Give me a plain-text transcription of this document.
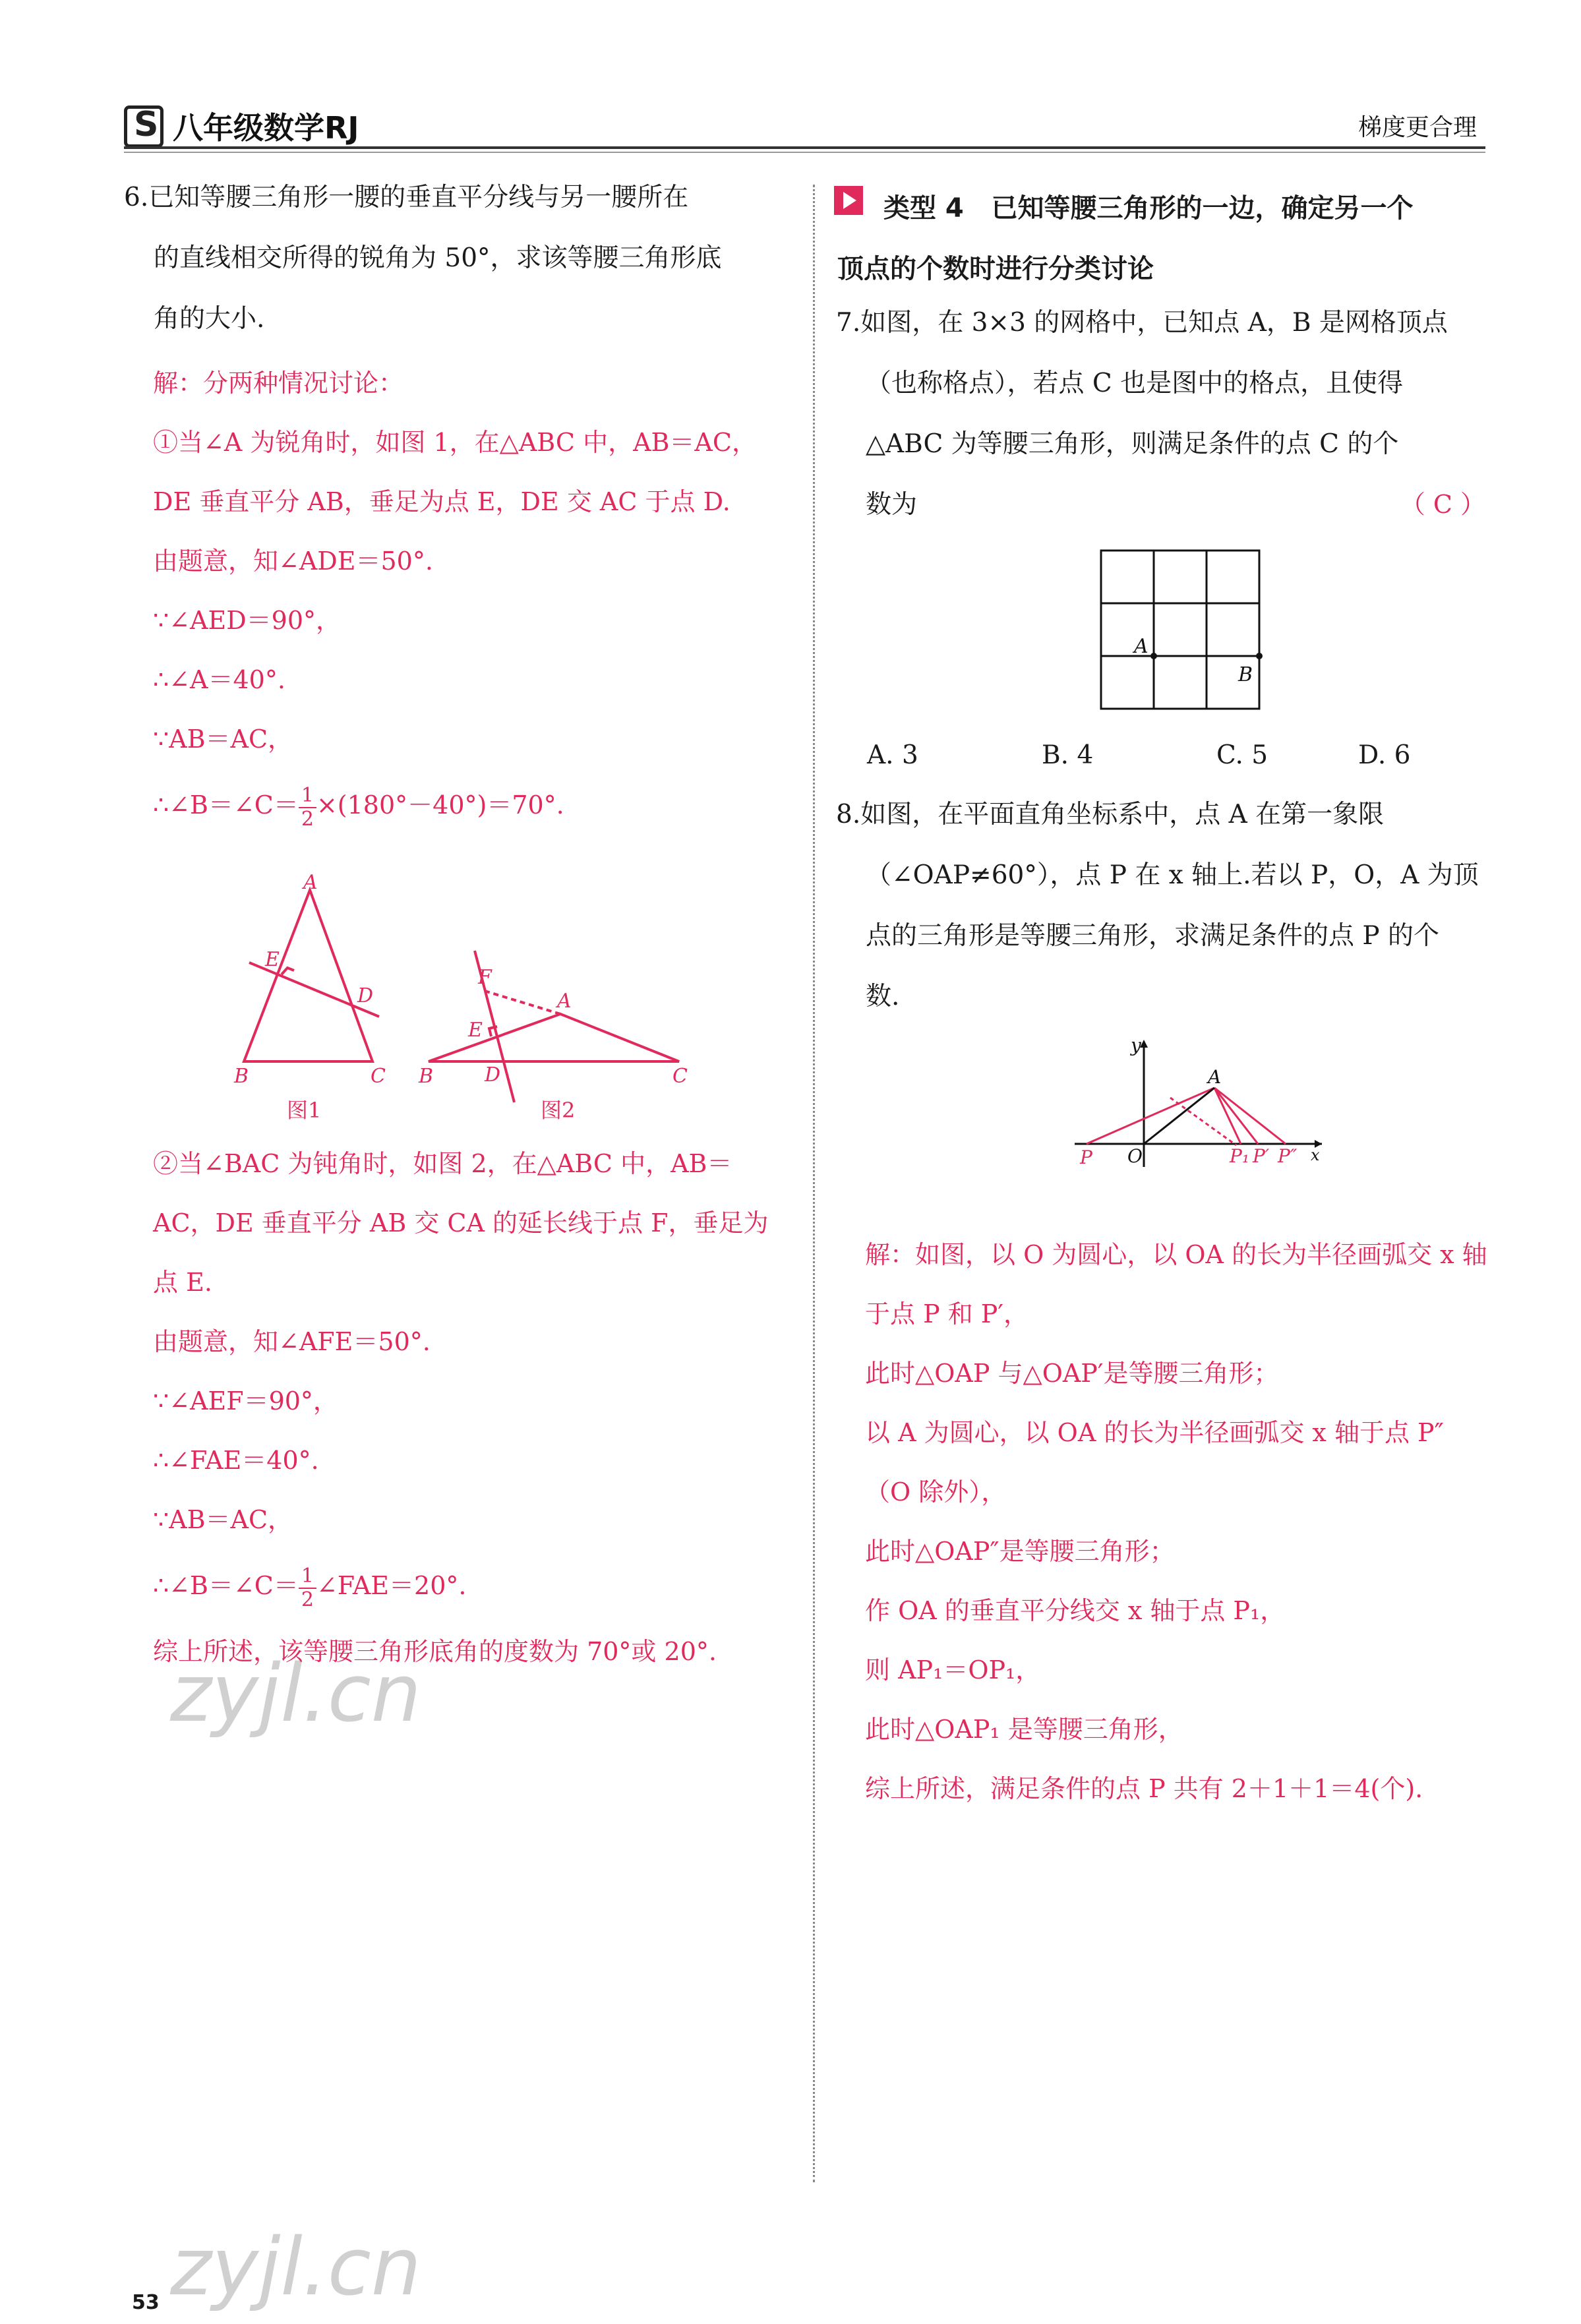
S 八年级数学RJ	梯度更合理
6.已知等腰三角形一腰的垂直平分线与另一腰所在
的直线相交所得的锐角为 50°，求该等腰三角形底
角的大小.
解：分两种情况讨论：
①当∠A 为锐角时，如图 1，在△ABC 中，AB＝AC，
DE 垂直平分 AB，垂足为点 E，DE 交 AC 于点 D.
由题意，知∠ADE＝50°.
∵∠AED＝90°，
∴∠A＝40°.
∵AB＝AC，
∴∠B＝∠C＝ $\frac{1}{2} \times(180^\circ-40^\circ)=70^\circ$.
A
B	C
D
E
图1
A
B	C
D
E
F
图2
②当∠BAC 为钝角时，如图 2，在△ABC 中，AB＝
AC，DE 垂直平分 AB 交 CA 的延长线于点 F，垂足为
点 E.
由题意，知∠AFE＝50°.
∵∠AEF＝90°，
∴∠FAE＝40°.
∵AB＝AC，
∴∠B＝∠C＝ $\frac{1}{2}$ ∠FAE＝20°.
综上所述，该等腰三角形底角的度数为 70°或 20°.
类型 4 已知等腰三角形的一边，确定另一个
顶点的个数时进行分类讨论
7.如图，在 3×3 的网格中，已知点 A，B 是网格顶点
（也称格点），若点 C 也是图中的格点，且使得
△ABC 为等腰三角形，则满足条件的点 C 的个
数为	（ C ）
A
B
A. 3	B. 4	C. 5	D. 6
8.如图，在平面直角坐标系中，点 A 在第一象限
（∠OAP≠60°），点 P 在 x 轴上.若以 P，O，A 为顶
点的三角形是等腰三角形，求满足条件的点 P 的个
数.
y
x
O
A
P	P₁ P′ P″
解：如图，以 O 为圆心，以 OA 的长为半径画弧交 x 轴
于点 P 和 P′，
此时△OAP 与△OAP′是等腰三角形；
以 A 为圆心，以 OA 的长为半径画弧交 x 轴于点 P″
（O 除外），
此时△OAP″是等腰三角形；
作 OA 的垂直平分线交 x 轴于点 P₁，
则 AP₁＝OP₁，
此时△OAP₁ 是等腰三角形，
综上所述，满足条件的点 P 共有 2＋1＋1＝4(个).
zyjl.cn
zyjl.cn
53
